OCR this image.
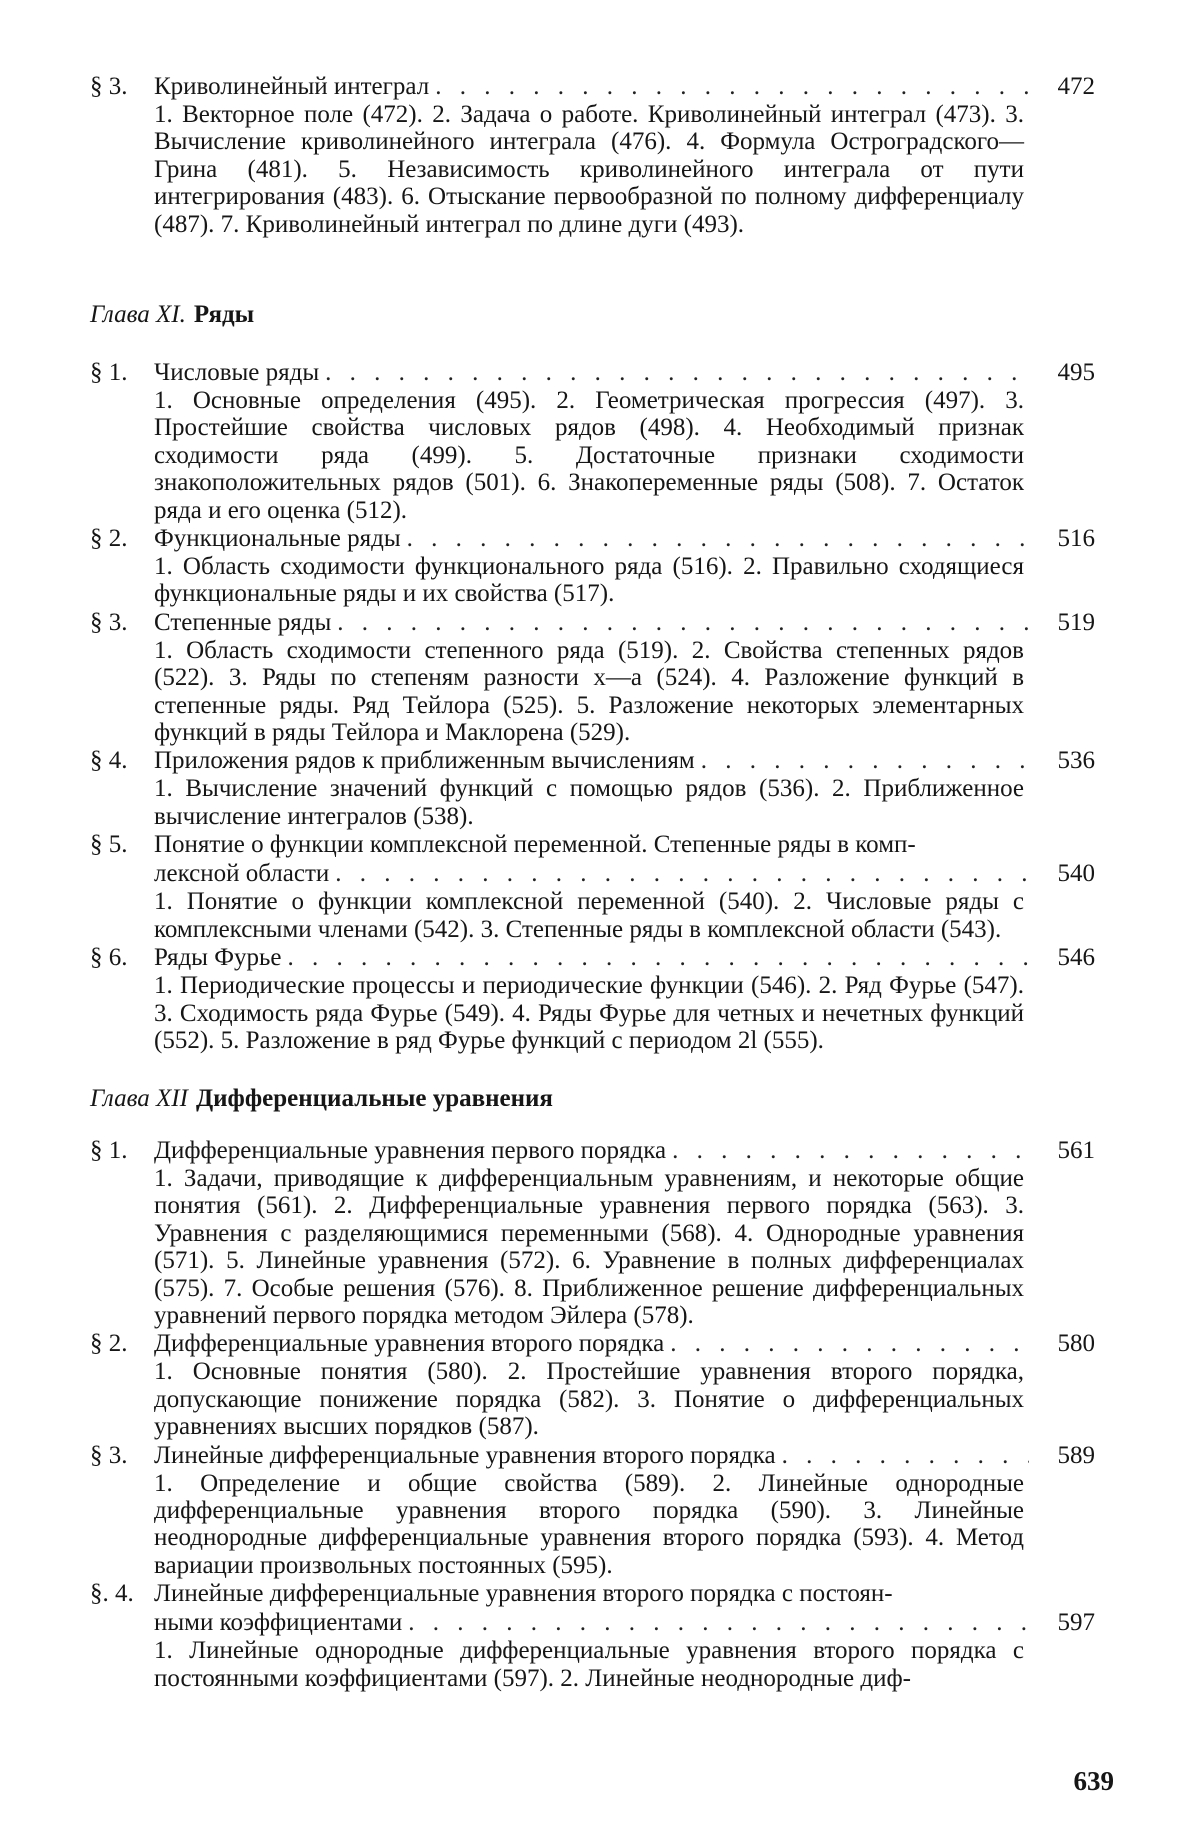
§ 3.	Криволинейный интеграл
. . .	472
1. Векторное поле (472). 2. Задача о работе. Криволинейный интеграл (473). 3. Вычисление криволинейного интеграла (476). 4. Формула Остроградского—Грина (481). 5. Независимость криволинейного интеграла от пути интегрирования (483). 6. Отыскание первообразной по полному дифференциалу (487). 7. Криволинейный интеграл по длине дуги (493).
Глава XI. Ряды
§ 1.	Числовые ряды
. . .	495
1. Основные определения (495). 2. Геометрическая прогрессия (497). 3. Простейшие свойства числовых рядов (498). 4. Необходимый признак сходимости ряда (499). 5. Достаточные признаки сходимости знакоположительных рядов (501). 6. Знакопеременные ряды (508). 7. Остаток ряда и его оценка (512).
§ 2.	Функциональные ряды
. . .	516
1. Область сходимости функционального ряда (516). 2. Правильно сходящиеся функциональные ряды и их свойства (517).
§ 3.	Степенные ряды
. . .	519
1. Область сходимости степенного ряда (519). 2. Свойства степенных рядов (522). 3. Ряды по степеням разности x—a (524). 4. Разложение функций в степенные ряды. Ряд Тейлора (525). 5. Разложение некоторых элементарных функций в ряды Тейлора и Маклорена (529).
§ 4.	Приложения рядов к приближенным вычислениям
. . .	536
1. Вычисление значений функций с помощью рядов (536). 2. Приближенное вычисление интегралов (538).
§ 5.	Понятие о функции комплексной переменной. Степенные ряды в комп-
лексной области
. . .	540
1. Понятие о функции комплексной переменной (540). 2. Числовые ряды с комплексными членами (542). 3. Степенные ряды в комплексной области (543).
§ 6.	Ряды Фурье
. . .	546
1. Периодические процессы и периодические функции (546). 2. Ряд Фурье (547). 3. Сходимость ряда Фурье (549). 4. Ряды Фурье для четных и нечетных функций (552). 5. Разложение в ряд Фурье функций с периодом 2l (555).
Глава XII Дифференциальные уравнения
§ 1.	Дифференциальные уравнения первого порядка
. . .	561
1. Задачи, приводящие к дифференциальным уравнениям, и некоторые общие понятия (561). 2. Дифференциальные уравнения первого порядка (563). 3. Уравнения с разделяющимися переменными (568). 4. Однородные уравнения (571). 5. Линейные уравнения (572). 6. Уравнение в полных дифференциалах (575). 7. Особые решения (576). 8. Приближенное решение дифференциальных уравнений первого порядка методом Эйлера (578).
§ 2.	Дифференциальные уравнения второго порядка
. . .	580
1. Основные понятия (580). 2. Простейшие уравнения второго порядка, допускающие понижение порядка (582). 3. Понятие о дифференциальных уравнениях высших порядков (587).
§ 3.	Линейные дифференциальные уравнения второго порядка
. . .	589
1. Определение и общие свойства (589). 2. Линейные однородные дифференциальные уравнения второго порядка (590). 3. Линейные неоднородные дифференциальные уравнения второго порядка (593). 4. Метод вариации произвольных постоянных (595).
§. 4. Линейные дифференциальные уравнения второго порядка с постоян-
ными коэффициентами
. . .	597
1. Линейные однородные дифференциальные уравнения второго порядка с постоянными коэффициентами (597). 2. Линейные неоднородные диф-
639
